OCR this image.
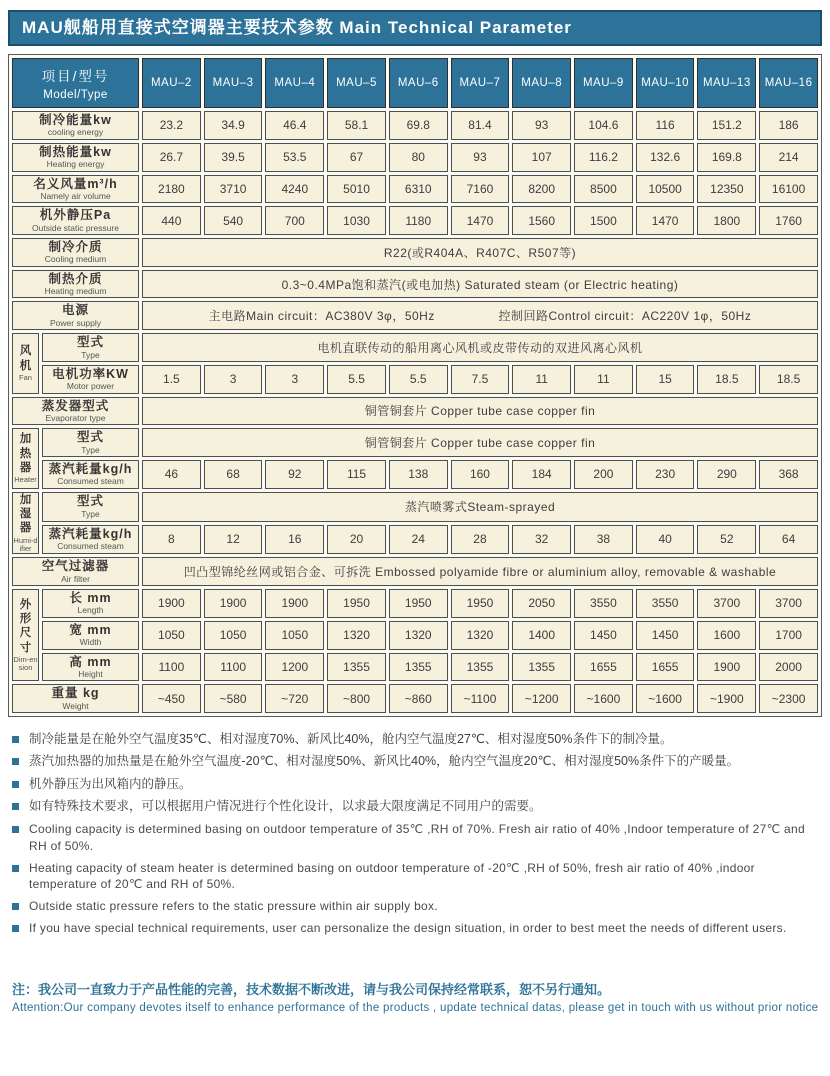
MAU舰船用直接式空调器主要技术参数 Main Technical Parameter
项目/型号
Model/Type		MAU–2	MAU–3	MAU–4	MAU–5	MAU–6	MAU–7	MAU–8	MAU–9	MAU–10	MAU–13	MAU–16

制冷能量kw
cooling energy		23.2	34.9	46.4	58.1	69.8	81.4	93	104.6	116	151.2	186

制热能量kw
Heating energy		26.7	39.5	53.5	67	80	93	107	116.2	132.6	169.8	214

名义风量m³/h
Namely air volume		2180	3710	4240	5010	6310	7160	8200	8500	10500	12350	16100

机外静压Pa
Outside static pressure		440	540	700	1030	1180	1470	1560	1500	1470	1800	1760

制冷介质
Cooling medium		R22(或R404A、R407C、R507等)										

制热介质
Heating medium		0.3~0.4MPa饱和蒸汽(或电加热) Saturated steam (or Electric heating)										

电源
Power supply	主电路Main circuit：AC380V 3φ，50Hz	控制回路Control circuit：AC220V 1φ，50Hz

风机
Fan

型式
Type	电机直联传动的船用离心风机或皮带传动的双进风离心风机

	电机功率KW
Motor power	1.5	3	3	5.5	5.5	7.5	11	11	15	18.5	18.5

蒸发器型式
Evaporator type		铜管铜套片 Copper tube case copper fin										

加热器
Heater

型式
Type	铜管铜套片 Copper tube case copper fin

	蒸汽耗量kg/h
Consumed steam	46	68	92	115	138	160	184	200	230	290	368

加湿器
Humi-difier

型式
Type	蒸汽喷雾式Steam-sprayed

	蒸汽耗量kg/h
Consumed steam	8	12	16	20	24	28	32	38	40	52	64

空气过滤器
Air filter		凹凸型锦纶丝网或铝合金、可拆洗 Embossed polyamide fibre or aluminium alloy, removable & washable										

外形尺寸
Dim-ension

长 mm
Length
	1900	1900	1900	1950	1950	1950	2050	3550	3550	3700	3700

	宽 mm
Width	1050	1050	1050	1320	1320	1320	1400	1450	1450	1600	1700

	高 mm
Height	1100	1100	1200	1355	1355	1355	1355	1655	1655	1900	2000

重量 kg
Weight		~450	~580	~720	~800	~860	~1100	~1200	~1600	~1600	~1900	~2300
制冷能量是在舱外空气温度35℃、相对湿度70%、新风比40%，舱内空气温度27℃、相对湿度50%条件下的制冷量。
蒸汽加热器的加热量是在舱外空气温度-20℃、相对湿度50%、新风比40%，舱内空气温度20℃、相对湿度50%条件下的产暖量。
机外静压为出风箱内的静压。
如有特殊技术要求，可以根据用户情况进行个性化设计，以求最大限度满足不同用户的需要。
Cooling capacity is determined basing on outdoor temperature of 35℃ ,RH of 70%. Fresh air ratio of 40% ,Indoor temperature of 27℃ and RH of 50%.
Heating capacity of steam heater is determined basing on outdoor temperature of -20℃ ,RH of 50%, fresh air ratio of 40% ,indoor temperature of 20℃ and RH of 50%.
Outside static pressure refers to the static pressure within air supply box.
If you have special technical requirements, user can personalize the design situation, in order to best meet the needs of different users.
注：我公司一直致力于产品性能的完善，技术数据不断改进，请与我公司保持经常联系，恕不另行通知。
Attention:Our company devotes itself to enhance performance of the products , update technical datas, please get in touch with us without prior notice
